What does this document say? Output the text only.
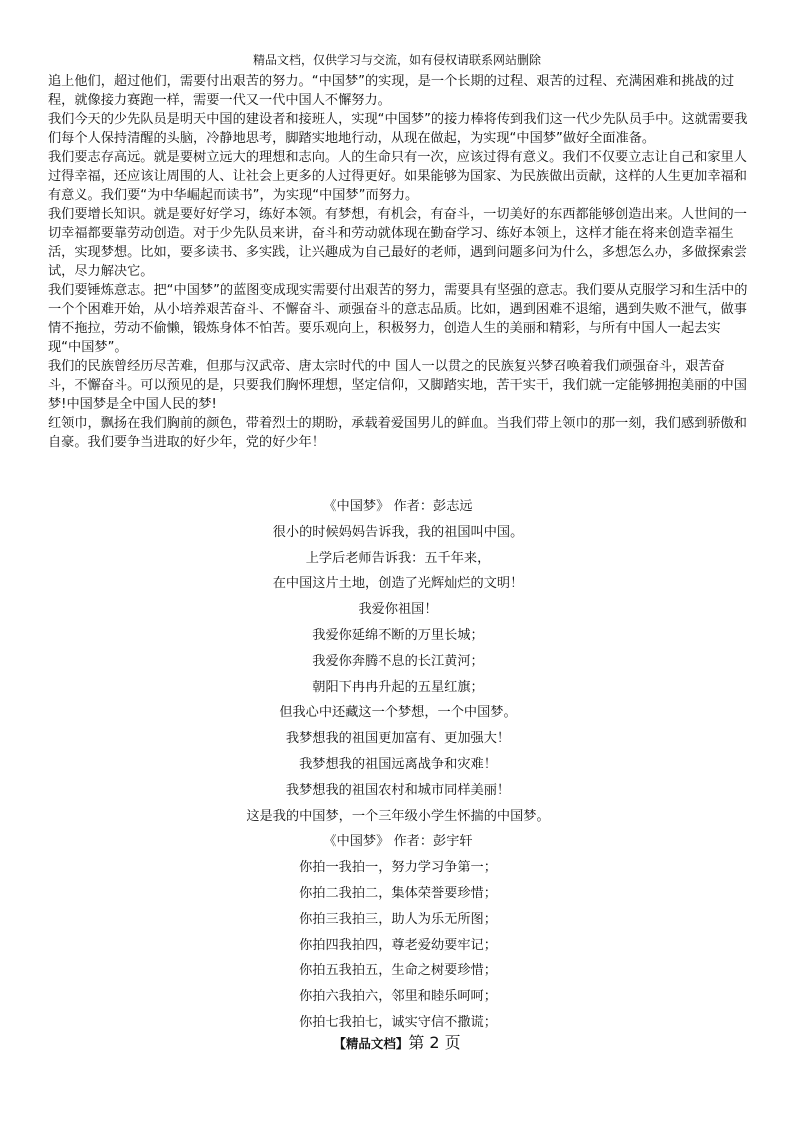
精品文档，仅供学习与交流，如有侵权请联系网站删除

追上他们，超过他们，需要付出艰苦的努力。“中国梦”的实现，是一个长期的过程、艰苦的过程、充满困难和挑战的过程，就像接力赛跑一样，需要一代又一代中国人不懈努力。

我们今天的少先队员是明天中国的建设者和接班人，实现“中国梦”的接力棒将传到我们这一代少先队员手中。这就需要我们每个人保持清醒的头脑，冷静地思考，脚踏实地地行动，从现在做起，为实现“中国梦”做好全面准备。

我们要志存高远。就是要树立远大的理想和志向。人的生命只有一次，应该过得有意义。我们不仅要立志让自己和家里人过得幸福，还应该让周围的人、让社会上更多的人过得更好。如果能够为国家、为民族做出贡献，这样的人生更加幸福和有意义。我们要“为中华崛起而读书”，为实现“中国梦”而努力。

我们要增长知识。就是要好好学习，练好本领。有梦想，有机会，有奋斗，一切美好的东西都能够创造出来。人世间的一切幸福都要靠劳动创造。对于少先队员来讲，奋斗和劳动就体现在勤奋学习、练好本领上，这样才能在将来创造幸福生活，实现梦想。比如，要多读书、多实践，让兴趣成为自己最好的老师，遇到问题多问为什么，多想怎么办，多做探索尝试，尽力解决它。

我们要锤炼意志。把“中国梦”的蓝图变成现实需要付出艰苦的努力，需要具有坚强的意志。我们要从克服学习和生活中的一个个困难开始，从小培养艰苦奋斗、不懈奋斗、顽强奋斗的意志品质。比如，遇到困难不退缩，遇到失败不泄气，做事情不拖拉，劳动不偷懒，锻炼身体不怕苦。要乐观向上，积极努力，创造人生的美丽和精彩，与所有中国人一起去实现“中国梦”。

我们的民族曾经历尽苦难，但那与汉武帝、唐太宗时代的中 国人一以贯之的民族复兴梦召唤着我们顽强奋斗，艰苦奋斗，不懈奋斗。可以预见的是，只要我们胸怀理想，坚定信仰，又脚踏实地，苦干实干，我们就一定能够拥抱美丽的中国梦!中国梦是全中国人民的梦!

红领巾，飘扬在我们胸前的颜色，带着烈士的期盼，承载着爱国男儿的鲜血。当我们带上领巾的那一刻，我们感到骄傲和自豪。我们要争当进取的好少年，党的好少年！

《中国梦》 作者：彭志远

很小的时候妈妈告诉我，我的祖国叫中国。

上学后老师告诉我：五千年来，

在中国这片土地，创造了光辉灿烂的文明！

我爱你祖国！

我爱你延绵不断的万里长城；

我爱你奔腾不息的长江黄河；

朝阳下冉冉升起的五星红旗；

但我心中还藏这一个梦想，一个中国梦。

我梦想我的祖国更加富有、更加强大！

我梦想我的祖国远离战争和灾难！

我梦想我的祖国农村和城市同样美丽！

这是我的中国梦，一个三年级小学生怀揣的中国梦。

《中国梦》 作者：彭宇轩

你拍一我拍一，努力学习争第一；

你拍二我拍二，集体荣誉要珍惜；

你拍三我拍三，助人为乐无所图；

你拍四我拍四，尊老爱幼要牢记；

你拍五我拍五，生命之树要珍惜；

你拍六我拍六，邻里和睦乐呵呵；

你拍七我拍七，诚实守信不撒谎；

【精品文档】第 2 页
